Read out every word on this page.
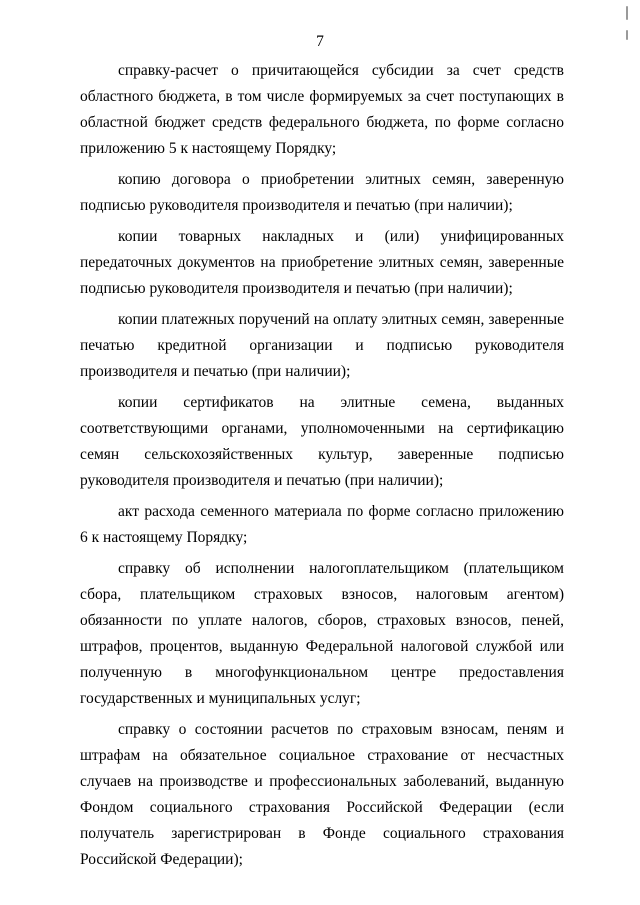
7

справку-расчет о причитающейся субсидии за счет средств областного бюджета, в том числе формируемых за счет поступающих в областной бюджет средств федерального бюджета, по форме согласно приложению 5 к настоящему Порядку;

копию договора о приобретении элитных семян, заверенную подписью руководителя производителя и печатью (при наличии);

копии товарных накладных и (или) унифицированных передаточных документов на приобретение элитных семян, заверенные подписью руководителя производителя и печатью (при наличии);

копии платежных поручений на оплату элитных семян, заверенные печатью кредитной организации и подписью руководителя производителя и печатью (при наличии);

копии сертификатов на элитные семена, выданных соответствующими органами, уполномоченными на сертификацию семян сельскохозяйственных культур, заверенные подписью руководителя производителя и печатью (при наличии);

акт расхода семенного материала по форме согласно приложению 6 к настоящему Порядку;

справку об исполнении налогоплательщиком (плательщиком сбора, плательщиком страховых взносов, налоговым агентом) обязанности по уплате налогов, сборов, страховых взносов, пеней, штрафов, процентов, выданную Федеральной налоговой службой или полученную в многофункциональном центре предоставления государственных и муниципальных услуг;

справку о состоянии расчетов по страховым взносам, пеням и штрафам на обязательное социальное страхование от несчастных случаев на производстве и профессиональных заболеваний, выданную Фондом социального страхования Российской Федерации (если получатель зарегистрирован в Фонде социального страхования Российской Федерации);
